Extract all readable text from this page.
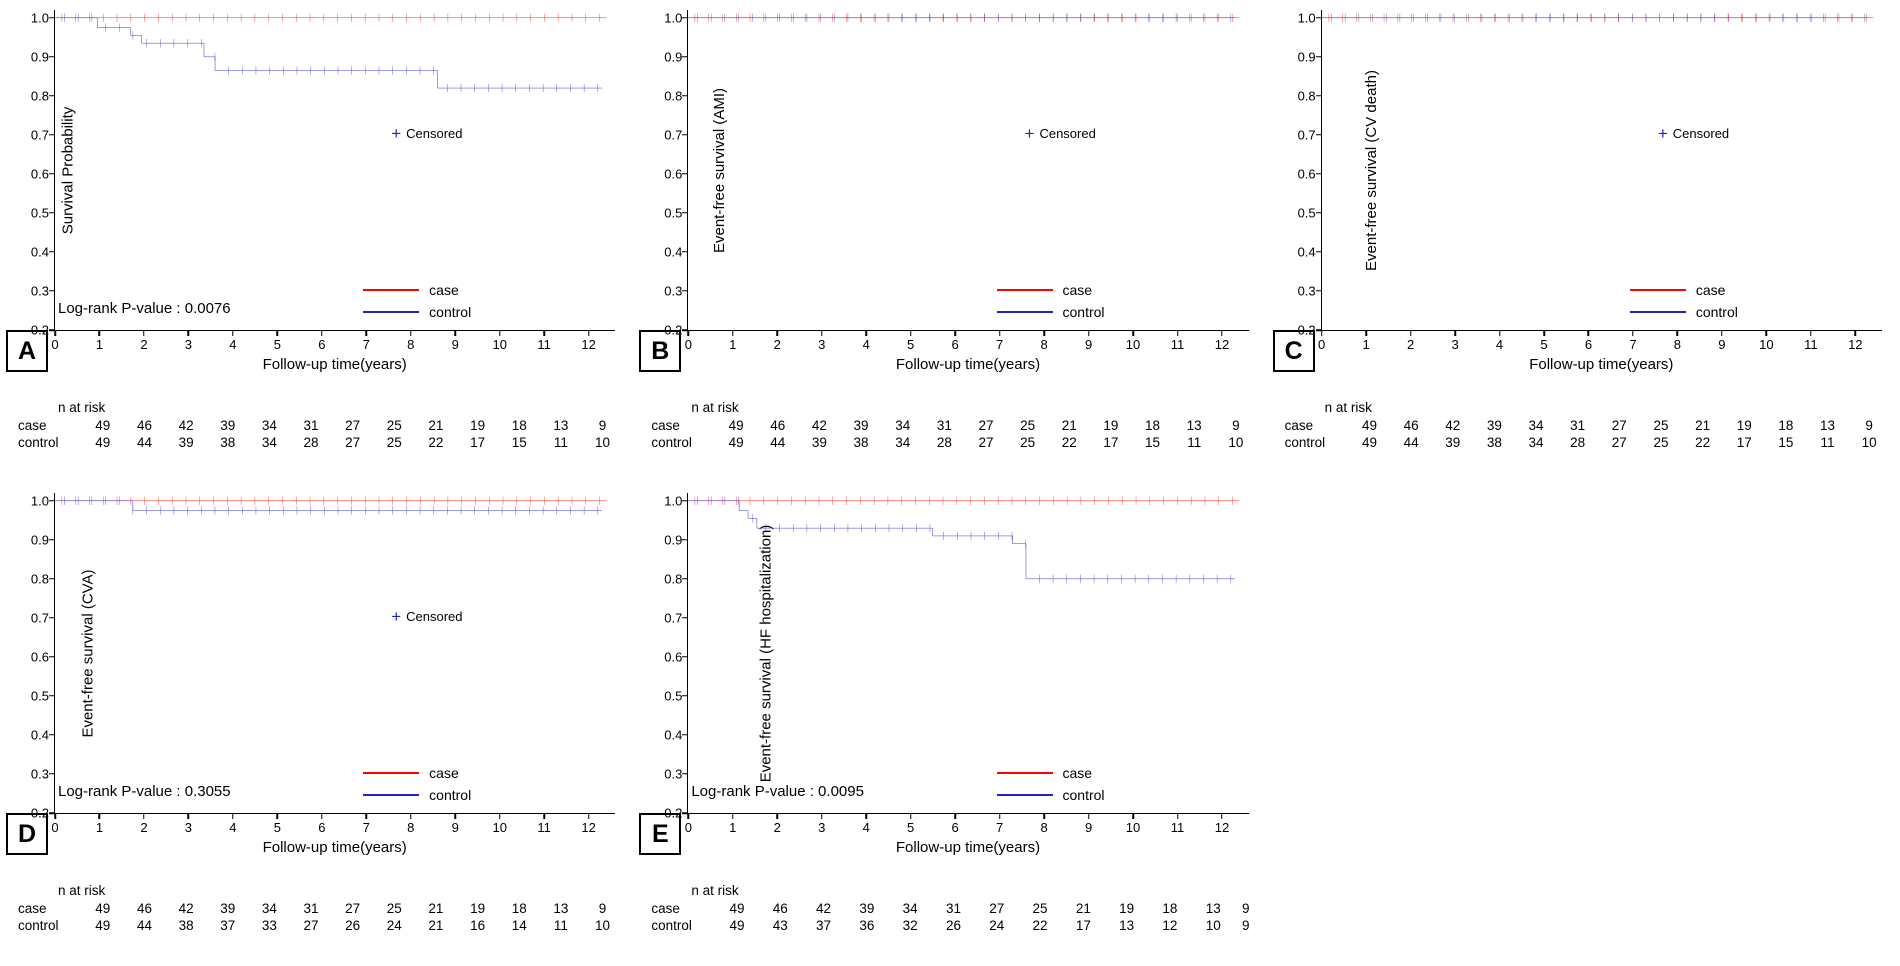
Survival Probability
0.2
0.3
0.4
0.5
0.6
0.7
0.8
0.9
1.0
0	1	2	3	4	5	6	7	8	9	10 11 12
+ Censored
case
control
Log-rank P-value : 0.0076
Follow-up time(years)
A
n at risk
case	49	46	42	39	34	31	27	25	21	19	18	13	9
control	49	44	39	38	34	28	27	25	22	17	15	11	10
Event-free survival (AMI)
0.2
0.3
0.4
0.5
0.6
0.7
0.8
0.9
1.0
0	1	2	3	4	5	6	7	8	9	10 11 12
+ Censored
case
control
Follow-up time(years)
B
n at risk
case	49	46	42	39	34	31	27	25	21	19	18	13	9
control	49	44	39	38	34	28	27	25	22	17	15	11	10
Event-free survival (CV death)
0.2
0.3
0.4
0.5
0.6
0.7
0.8
0.9
1.0
0	1	2	3	4	5	6	7	8	9	10 11 12
+ Censored
case
control
Follow-up time(years)
C
n at risk
case	49	46	42	39	34	31	27	25	21	19	18	13	9
control	49	44	39	38	34	28	27	25	22	17	15	11	10
Event-free survival (CVA)
0.2
0.3
0.4
0.5
0.6
0.7
0.8
0.9
1.0
0	1	2	3	4	5	6	7	8	9	10 11 12
+ Censored
case
control
Log-rank P-value : 0.3055
Follow-up time(years)
D
n at risk
case	49	46	42	39	34	31	27	25	21	19	18	13	9
control	49	44	38	37	33	27	26	24	21	16	14	11	10
Event-free survival (HF hospitalization)
0.2
0.3
0.4
0.5
0.6
0.7
0.8
0.9
1.0
0	1	2	3	4	5	6	7	8	9	10 11 12
case
control
Log-rank P-value : 0.0095
Follow-up time(years)
E
n at risk
case	49	46	42	39	34	31	27	25	21	19	18	13	9
control	49	43	37	36	32	26	24	22	17	13	12	10	9
